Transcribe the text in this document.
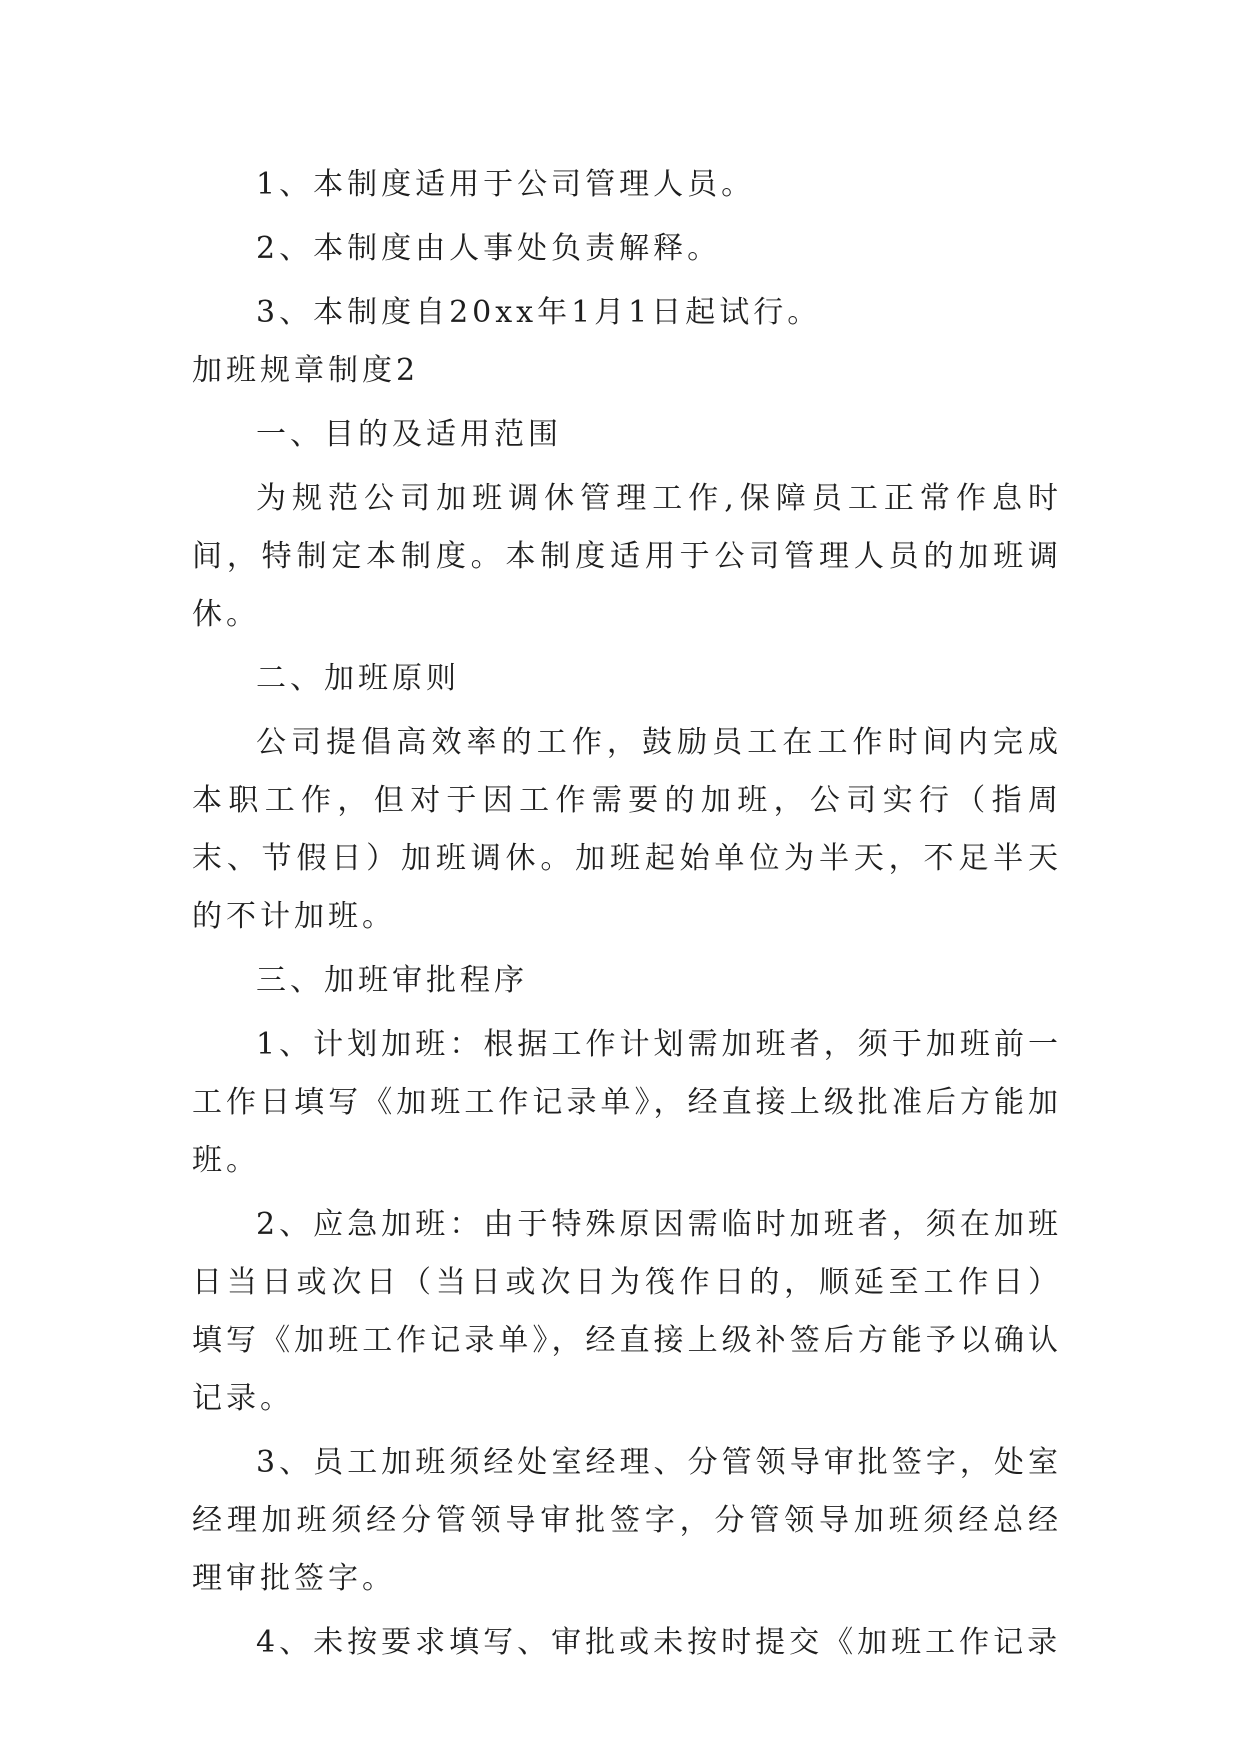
1、本制度适用于公司管理人员。

2、本制度由人事处负责解释。

3、本制度自20xx年1月1日起试行。

加班规章制度2

一、目的及适用范围

为规范公司加班调休管理工作,保障员工正常作息时间，特制定本制度。本制度适用于公司管理人员的加班调休。

二、加班原则

公司提倡高效率的工作，鼓励员工在工作时间内完成本职工作，但对于因工作需要的加班，公司实行（指周末、节假日）加班调休。加班起始单位为半天，不足半天的不计加班。

三、加班审批程序

1、计划加班：根据工作计划需加班者，须于加班前一工作日填写《加班工作记录单》，经直接上级批准后方能加班。

2、应急加班：由于特殊原因需临时加班者，须在加班日当日或次日（当日或次日为筏作日的，顺延至工作日）填写《加班工作记录单》，经直接上级补签后方能予以确认记录。

3、员工加班须经处室经理、分管领导审批签字，处室经理加班须经分管领导审批签字，分管领导加班须经总经理审批签字。

4、未按要求填写、审批或未按时提交《加班工作记录
